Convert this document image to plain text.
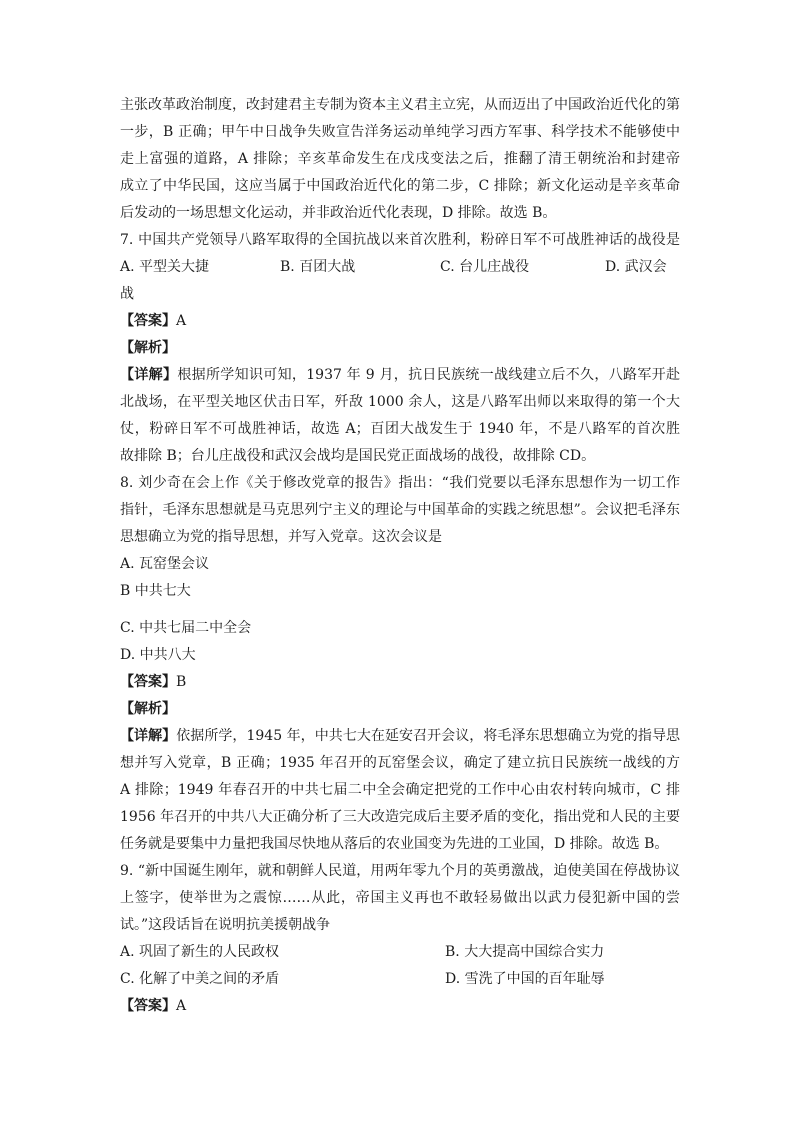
主张改革政治制度，改封建君主专制为资本主义君主立宪，从而迈出了中国政治近代化的第
一步，B 正确；甲午中日战争失败宣告洋务运动单纯学习西方军事、科学技术不能够使中
走上富强的道路，A 排除；辛亥革命发生在戊戌变法之后，推翻了清王朝统治和封建帝
成立了中华民国，这应当属于中国政治近代化的第二步，C 排除；新文化运动是辛亥革命
后发动的一场思想文化运动，并非政治近代化表现，D 排除。故选 B。
7. 中国共产党领导八路军取得的全国抗战以来首次胜利，粉碎日军不可战胜神话的战役是
A. 平型关大捷	B. 百团大战	C. 台儿庄战役	D. 武汉会
战
【答案】A
【解析】
【详解】根据所学知识可知，1937 年 9 月，抗日民族统一战线建立后不久，八路军开赴
北战场，在平型关地区伏击日军，歼敌 1000 余人，这是八路军出师以来取得的第一个大
仗，粉碎日军不可战胜神话，故选 A；百团大战发生于 1940 年，不是八路军的首次胜
故排除 B；台儿庄战役和武汉会战均是国民党正面战场的战役，故排除 CD。
8. 刘少奇在会上作《关于修改党章的报告》指出：“我们党要以毛泽东思想作为一切工作
指针，毛泽东思想就是马克思列宁主义的理论与中国革命的实践之统思想”。会议把毛泽东
思想确立为党的指导思想，并写入党章。这次会议是
A. 瓦窑堡会议
B 中共七大
C. 中共七届二中全会
D. 中共八大
【答案】B
【解析】
【详解】依据所学，1945 年，中共七大在延安召开会议，将毛泽东思想确立为党的指导思
想并写入党章，B 正确；1935 年召开的瓦窑堡会议，确定了建立抗日民族统一战线的方
A 排除；1949 年春召开的中共七届二中全会确定把党的工作中心由农村转向城市，C 排
1956 年召开的中共八大正确分析了三大改造完成后主要矛盾的变化，指出党和人民的主要
任务就是要集中力量把我国尽快地从落后的农业国变为先进的工业国，D 排除。故选 B。
9. “新中国诞生刚年，就和朝鲜人民道，用两年零九个月的英勇激战，迫使美国在停战协议
上签字，使举世为之震惊……从此，帝国主义再也不敢轻易做出以武力侵犯新中国的尝
试。”这段话旨在说明抗美援朝战争
A. 巩固了新生的人民政权	B. 大大提高中国综合实力
C. 化解了中美之间的矛盾	D. 雪洗了中国的百年耻辱
【答案】A
